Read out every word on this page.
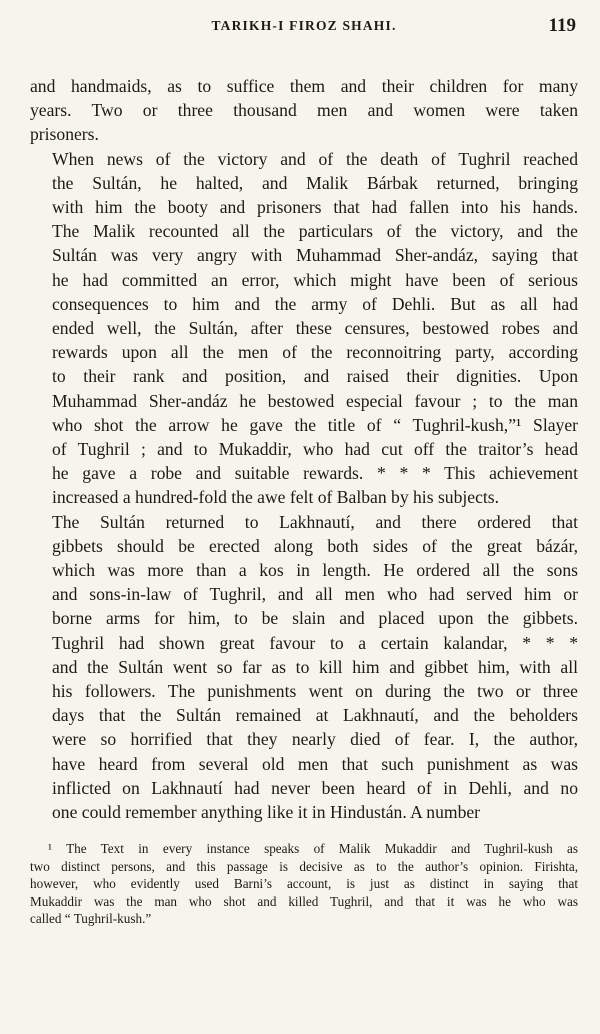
TARIKH-I FIROZ SHAHI.	119

and handmaids, as to suffice them and their children for many
years. Two or three thousand men and women were taken
prisoners.

When news of the victory and of the death of Tughril reached
the Sultán, he halted, and Malik Bárbak returned, bringing
with him the booty and prisoners that had fallen into his hands.
The Malik recounted all the particulars of the victory, and the
Sultán was very angry with Muhammad Sher-andáz, saying that
he had committed an error, which might have been of serious
consequences to him and the army of Dehli. But as all had
ended well, the Sultán, after these censures, bestowed robes and
rewards upon all the men of the reconnoitring party, according
to their rank and position, and raised their dignities. Upon
Muhammad Sher-andáz he bestowed especial favour ; to the man
who shot the arrow he gave the title of “ Tughril-kush,”¹ Slayer
of Tughril ; and to Mukaddir, who had cut off the traitor’s head
he gave a robe and suitable rewards. * * * This achievement
increased a hundred-fold the awe felt of Balban by his subjects.

The Sultán returned to Lakhnautí, and there ordered that
gibbets should be erected along both sides of the great bázár,
which was more than a kos in length. He ordered all the sons
and sons-in-law of Tughril, and all men who had served him or
borne arms for him, to be slain and placed upon the gibbets.
Tughril had shown great favour to a certain kalandar, * * *
and the Sultán went so far as to kill him and gibbet him, with all
his followers. The punishments went on during the two or three
days that the Sultán remained at Lakhnautí, and the beholders
were so horrified that they nearly died of fear. I, the author,
have heard from several old men that such punishment as was
inflicted on Lakhnautí had never been heard of in Dehli, and no
one could remember anything like it in Hindustán. A number

¹ The Text in every instance speaks of Malik Mukaddir and Tughril-kush as
two distinct persons, and this passage is decisive as to the author’s opinion. Firishta,
however, who evidently used Barni’s account, is just as distinct in saying that
Mukaddir was the man who shot and killed Tughril, and that it was he who was
called “ Tughril-kush.”
